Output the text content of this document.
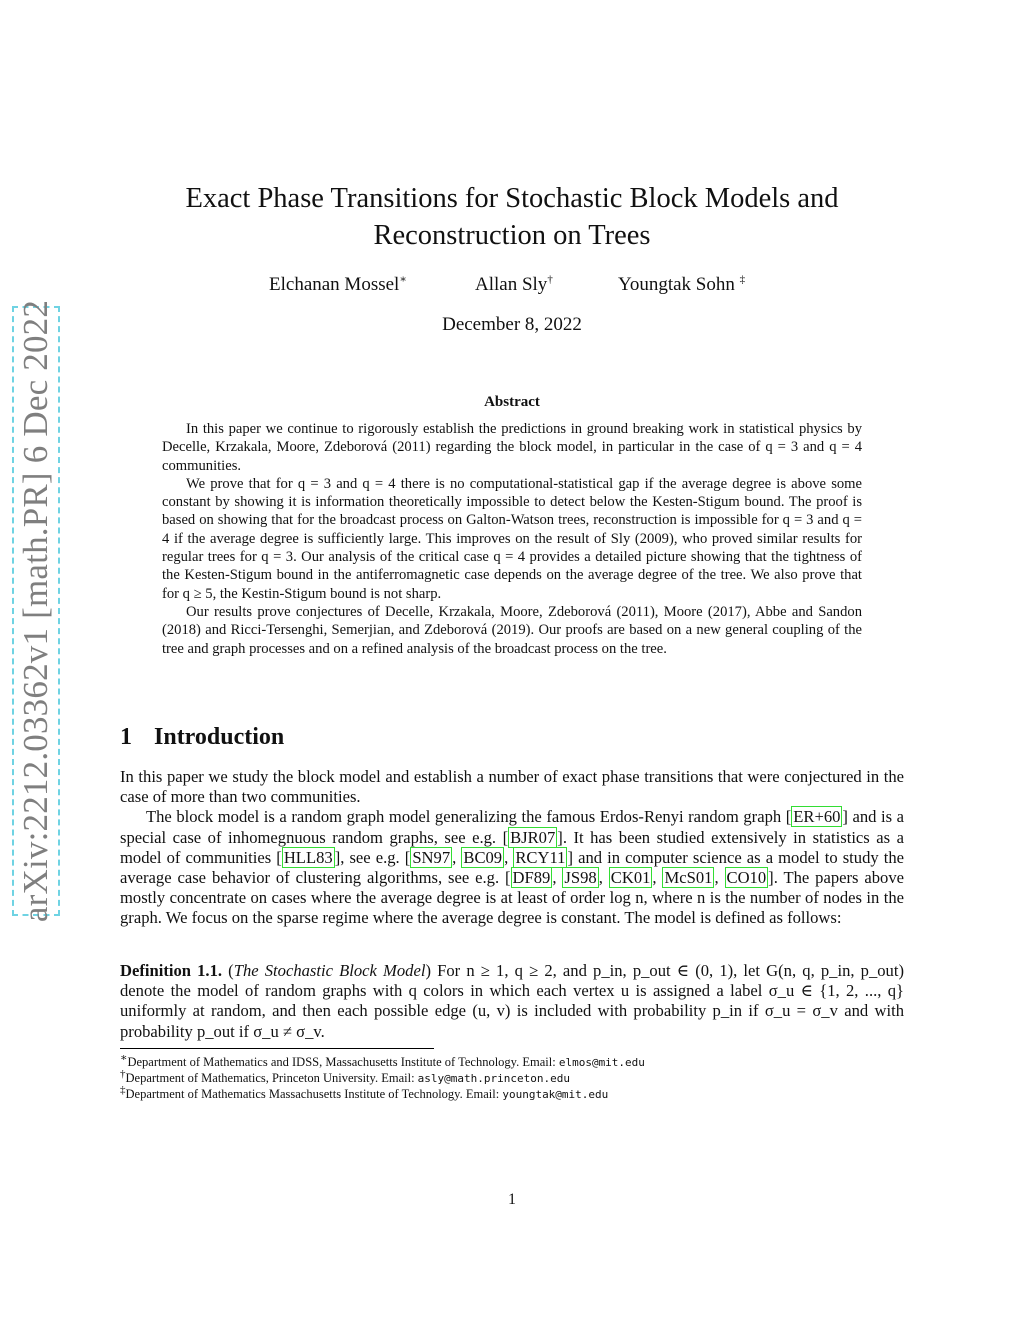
arXiv:2212.03362v1 [math.PR] 6 Dec 2022
Exact Phase Transitions for Stochastic Block Models and
Reconstruction on Trees
Elchanan Mossel∗	Allan Sly†	Youngtak Sohn ‡
December 8, 2022
Abstract

In this paper we continue to rigorously establish the predictions in ground breaking work in statistical physics by Decelle, Krzakala, Moore, Zdeborová (2011) regarding the block model, in particular in the case of q = 3 and q = 4 communities.

We prove that for q = 3 and q = 4 there is no computational-statistical gap if the average degree is above some constant by showing it is information theoretically impossible to detect below the Kesten-Stigum bound. The proof is based on showing that for the broadcast process on Galton-Watson trees, reconstruction is impossible for q = 3 and q = 4 if the average degree is sufficiently large. This improves on the result of Sly (2009), who proved similar results for regular trees for q = 3. Our analysis of the critical case q = 4 provides a detailed picture showing that the tightness of the Kesten-Stigum bound in the antiferromagnetic case depends on the average degree of the tree. We also prove that for q ≥ 5, the Kestin-Stigum bound is not sharp.

Our results prove conjectures of Decelle, Krzakala, Moore, Zdeborová (2011), Moore (2017), Abbe and Sandon (2018) and Ricci-Tersenghi, Semerjian, and Zdeborová (2019). Our proofs are based on a new general coupling of the tree and graph processes and on a refined analysis of the broadcast process on the tree.

1 Introduction

In this paper we study the block model and establish a number of exact phase transitions that were conjectured in the case of more than two communities.

The block model is a random graph model generalizing the famous Erdos-Renyi random graph [ ER+60 ] and is a special case of inhomegnuous random graphs, see e.g. [ BJR07 ]. It has been studied extensively in statistics as a model of communities [ HLL83 ], see e.g. [ SN97 , BC09 , RCY11 ] and in computer science as a model to study the average case behavior of clustering algorithms, see e.g. [ DF89 , JS98 , CK01 , McS01 , CO10 ]. The papers above mostly concentrate on cases where the average degree is at least of order log n, where n is the number of nodes in the graph. We focus on the sparse regime where the average degree is constant. The model is defined as follows:

Definition 1.1. (The Stochastic Block Model) For n ≥ 1, q ≥ 2, and p_in, p_out ∈ (0, 1), let G(n, q, p_in, p_out) denote the model of random graphs with q colors in which each vertex u is assigned a label σ_u ∈ {1, 2, ..., q} uniformly at random, and then each possible edge (u, v) is included with probability p_in if σ_u = σ_v and with probability p_out if σ_u ≠ σ_v.
∗Department of Mathematics and IDSS, Massachusetts Institute of Technology. Email: elmos@mit.edu
†Department of Mathematics, Princeton University. Email: asly@math.princeton.edu
‡Department of Mathematics Massachusetts Institute of Technology. Email: youngtak@mit.edu
1
